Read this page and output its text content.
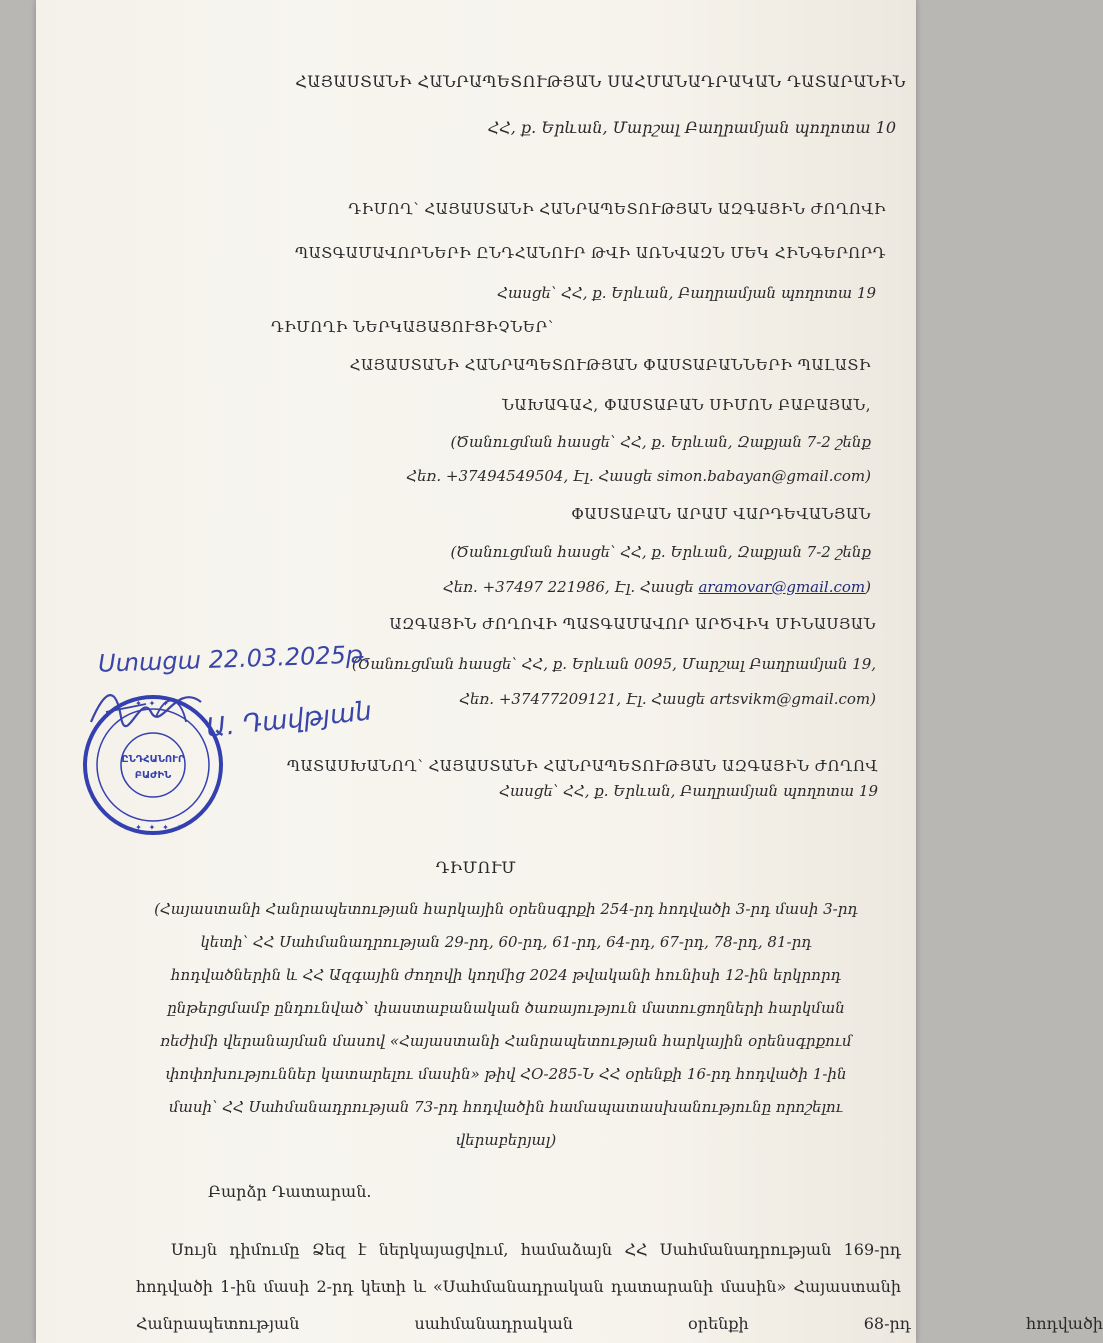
ՀԱՅԱՍՏԱՆԻ ՀԱՆՐԱՊԵՏՈՒԹՅԱՆ ՍԱՀՄԱՆԱԴՐԱԿԱՆ ԴԱՏԱՐԱՆԻՆ
ՀՀ, ք. Երևան, Մարշալ Բաղրամյան պողոտա 10
ԴԻՄՈՂ՝ ՀԱՅԱՍՏԱՆԻ ՀԱՆՐԱՊԵՏՈՒԹՅԱՆ ԱԶԳԱՅԻՆ ԺՈՂՈՎԻ
ՊԱՏԳԱՄԱՎՈՐՆԵՐԻ ԸՆԴՀԱՆՈՒՐ ԹՎԻ ԱՌՆՎԱԶՆ ՄԵԿ ՀԻՆԳԵՐՈՐԴ
Հասցե՝ ՀՀ, ք. Երևան, Բաղրամյան պողոտա 19
ԴԻՄՈՂԻ ՆԵՐԿԱՅԱՑՈՒՑԻՉՆԵՐ՝
ՀԱՅԱՍՏԱՆԻ ՀԱՆՐԱՊԵՏՈՒԹՅԱՆ ՓԱՍՏԱԲԱՆՆԵՐԻ ՊԱԼԱՏԻ
ՆԱԽԱԳԱՀ, ՓԱՍՏԱԲԱՆ ՍԻՄՈՆ ԲԱԲԱՅԱՆ,
(Ծանուցման հասցե՝ ՀՀ, ք. Երևան, Զաքյան 7-2 շենք
Հեռ. +37494549504, Էլ. Հասցե simon.babayan@gmail.com)
ՓԱՍՏԱԲԱՆ ԱՐԱՄ ՎԱՐԴԵՎԱՆՅԱՆ
(Ծանուցման հասցե՝ ՀՀ, ք. Երևան, Զաքյան 7-2 շենք
Հեռ. +37497 221986, Էլ. Հասցե aramovar@gmail.com)
ԱԶԳԱՅԻՆ ԺՈՂՈՎԻ ՊԱՏԳԱՄԱՎՈՐ ԱՐԾՎԻԿ ՄԻՆԱՍՅԱՆ
(Ծանուցման հասցե՝ ՀՀ, ք. Երևան 0095, Մարշալ Բաղրամյան 19,
Հեռ. +37477209121, Էլ. Հասցե artsvikm@gmail.com)
ՊԱՏԱՍԽԱՆՈՂ՝ ՀԱՅԱՍՏԱՆԻ ՀԱՆՐԱՊԵՏՈՒԹՅԱՆ ԱԶԳԱՅԻՆ ԺՈՂՈՎ
Հասցե՝ ՀՀ, ք. Երևան, Բաղրամյան պողոտա 19
Ստացա 22.03.2025թ.
Ա. Դավթյան
✦ ✦ ✦ ✦ ✦
✦ ✦ ✦ ✦ ✦
ԸՆԴՀԱՆՈՒՐ
ԲԱԺԻՆ
ԴԻՄՈՒՄ
(Հայաստանի Հանրապետության հարկային օրենսգրքի 254-րդ հոդվածի 3-րդ մասի 3-րդ
կետի՝ ՀՀ Սահմանադրության 29-րդ, 60-րդ, 61-րդ, 64-րդ, 67-րդ, 78-րդ, 81-րդ
հոդվածներին և ՀՀ Ազգային ժողովի կողմից 2024 թվականի հունիսի 12-ին երկրորդ
ընթերցմամբ ընդունված՝ փաստաբանական ծառայություն մատուցողների հարկման
ռեժիմի վերանայման մասով «Հայաստանի Հանրապետության հարկային օրենսգրքում
փոփոխություններ կատարելու մասին» թիվ ՀՕ-285-Ն ՀՀ օրենքի 16-րդ հոդվածի 1-ին
մասի՝ ՀՀ Սահմանադրության 73-րդ հոդվածին համապատասխանությունը որոշելու
վերաբերյալ)
Բարձր Դատարան.
Սույն դիմումը Ձեզ է ներկայացվում, համաձայն ՀՀ Սահմանադրության 169-րդ
հոդվածի 1-ին մասի 2-րդ կետի և «Սահմանադրական դատարանի մասին» Հայաստանի
Հանրապետության սահմանադրական օրենքի 68-րդ հոդվածի
